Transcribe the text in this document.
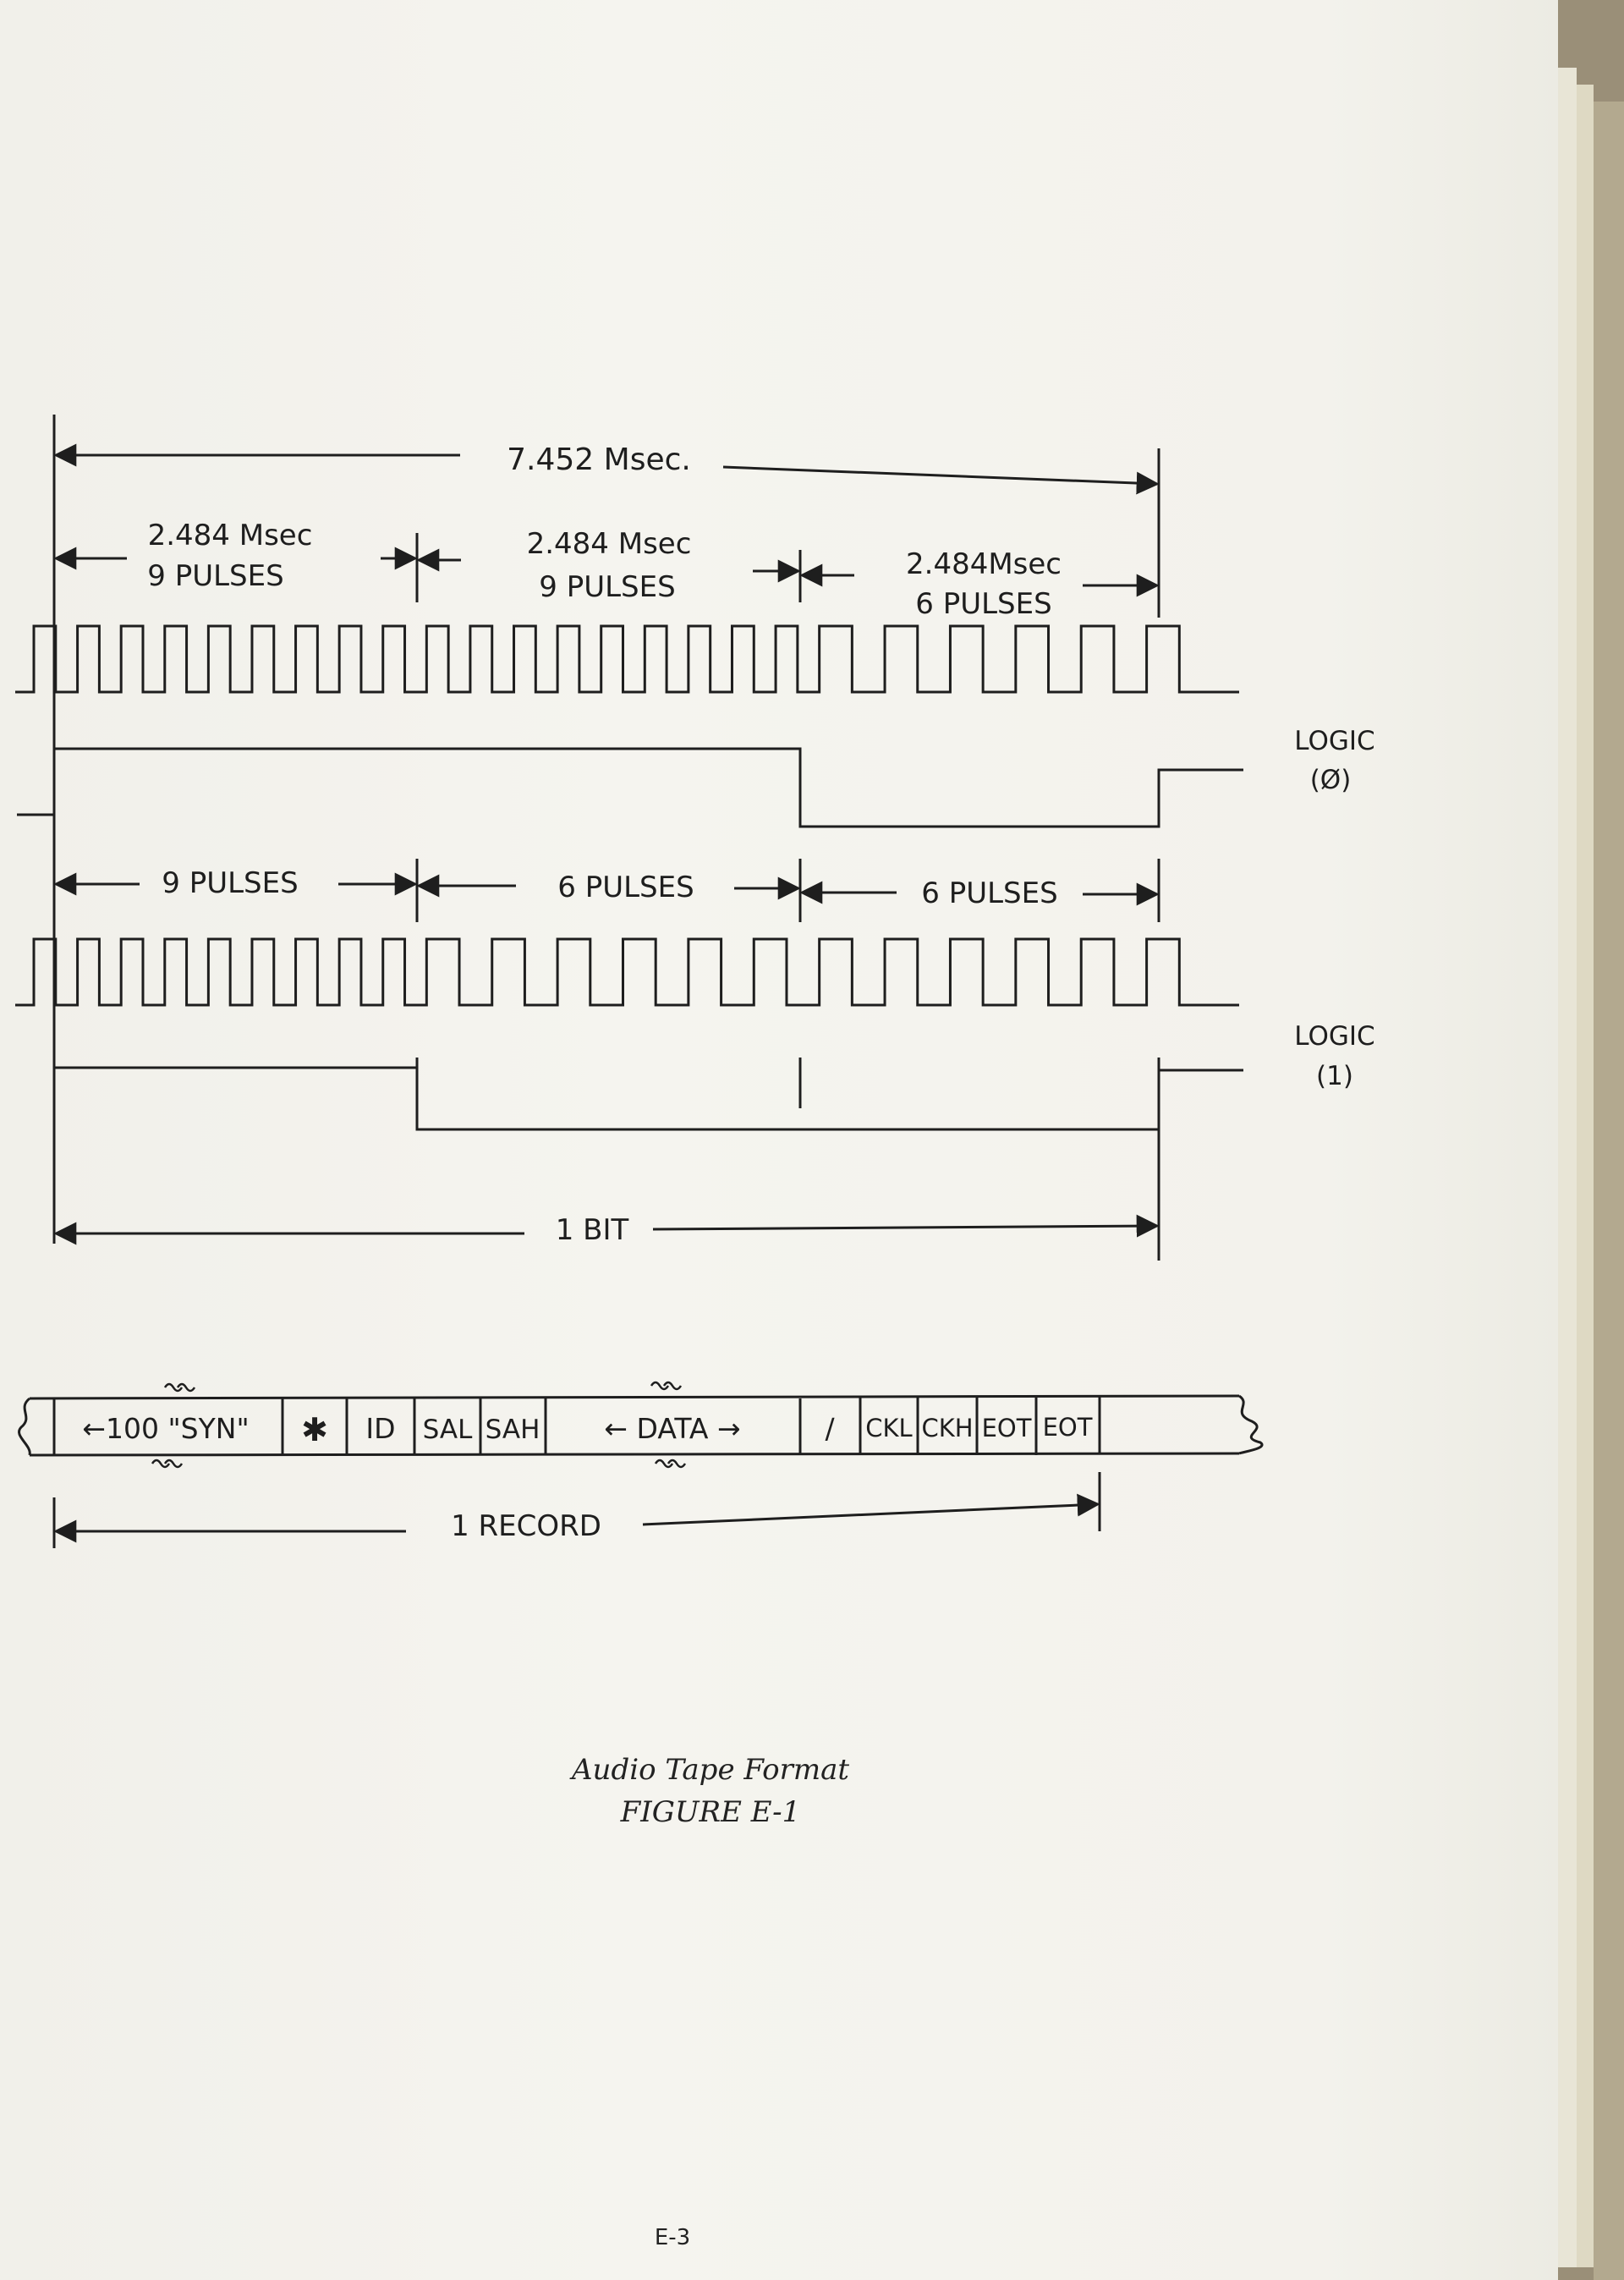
7.452 Msec.
2.484 Msec
9 PULSES
2.484 Msec
9 PULSES
2.484Msec
6 PULSES
LOGIC
(Ø)
9 PULSES	6 PULSES	6 PULSES
LOGIC
(1)
1 BIT
←100 "SYN" ✱ ID SAL SAH ← DATA →	/ CKL CKH EOT EOT
1 RECORD
Audio Tape Format
FIGURE E-1
E-3
